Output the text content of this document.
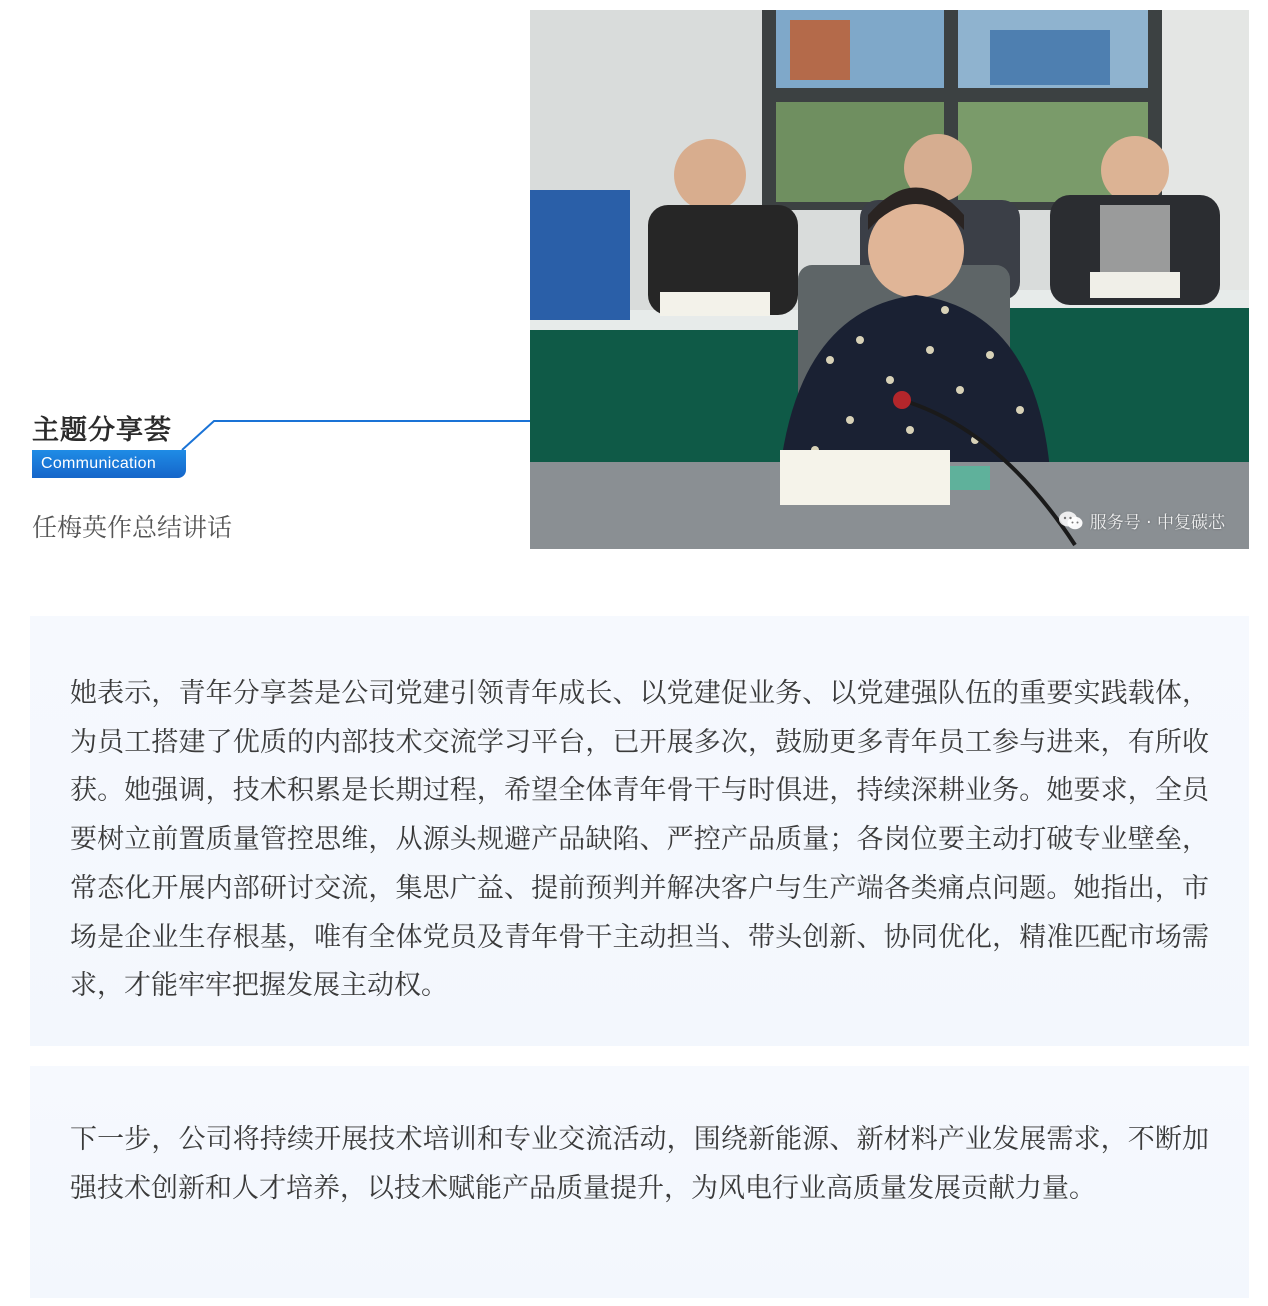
主题分享荟
Communication
任梅英作总结讲话	服务号 · 中复碳芯

她表示，青年分享荟是公司党建引领青年成长、以党建促业务、以党建强队伍的重要实践载体，为员工搭建了优质的内部技术交流学习平台，已开展多次，鼓励更多青年员工参与进来，有所收获。她强调，技术积累是长期过程，希望全体青年骨干与时俱进，持续深耕业务。她要求，全员要树立前置质量管控思维，从源头规避产品缺陷、严控产品质量；各岗位要主动打破专业壁垒，常态化开展内部研讨交流，集思广益、提前预判并解决客户与生产端各类痛点问题。她指出，市场是企业生存根基，唯有全体党员及青年骨干主动担当、带头创新、协同优化，精准匹配市场需求，才能牢牢把握发展主动权。

下一步，公司将持续开展技术培训和专业交流活动，围绕新能源、新材料产业发展需求，不断加强技术创新和人才培养，以技术赋能产品质量提升，为风电行业高质量发展贡献力量。
